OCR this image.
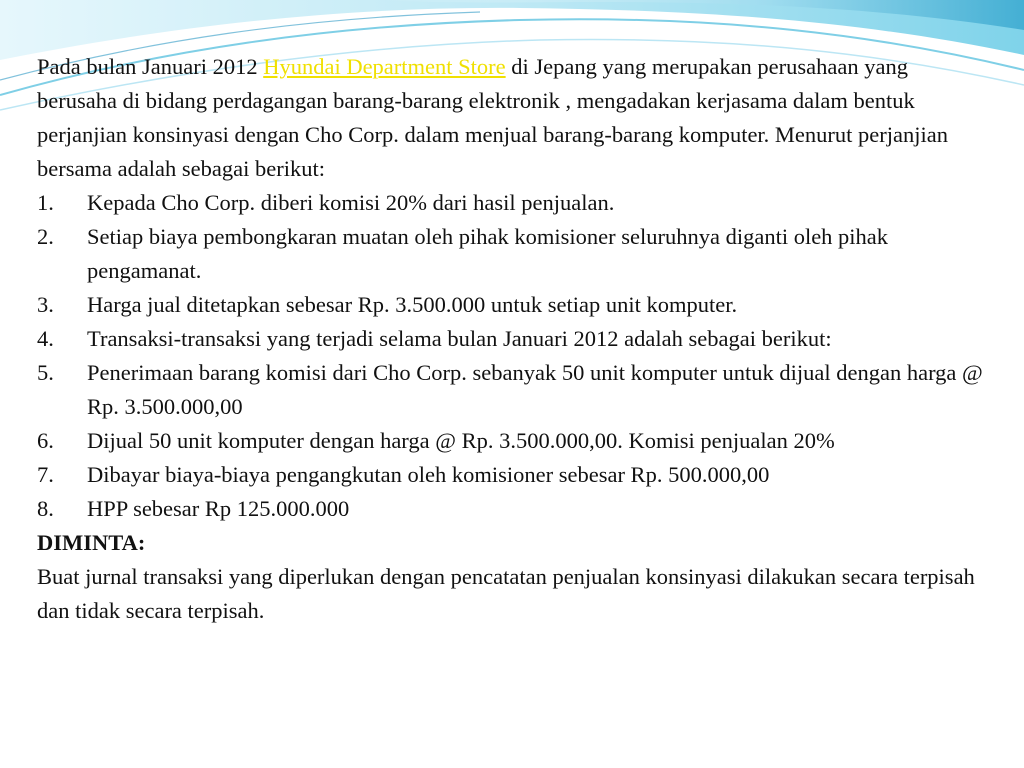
Pada bulan Januari 2012 Hyundai Department Store di Jepang yang merupakan perusahaan yang berusaha di bidang perdagangan barang-barang elektronik , mengadakan kerjasama dalam bentuk perjanjian konsinyasi dengan Cho Corp. dalam menjual barang-barang komputer. Menurut perjanjian bersama adalah sebagai berikut:

1. Kepada Cho Corp. diberi komisi 20% dari hasil penjualan.
2. Setiap biaya pembongkaran muatan oleh pihak komisioner seluruhnya diganti oleh pihak pengamanat.
3. Harga jual ditetapkan sebesar Rp. 3.500.000 untuk setiap unit komputer.
4. Transaksi-transaksi yang terjadi selama bulan Januari 2012 adalah sebagai berikut:
5. Penerimaan barang komisi dari Cho Corp. sebanyak 50 unit komputer untuk dijual dengan harga @ Rp. 3.500.000,00
6. Dijual 50 unit komputer dengan harga @ Rp. 3.500.000,00. Komisi penjualan 20%
7. Dibayar biaya-biaya pengangkutan oleh komisioner sebesar Rp. 500.000,00
8. HPP sebesar Rp 125.000.000

DIMINTA:

Buat jurnal transaksi yang diperlukan dengan pencatatan penjualan konsinyasi dilakukan secara terpisah dan tidak secara terpisah.
